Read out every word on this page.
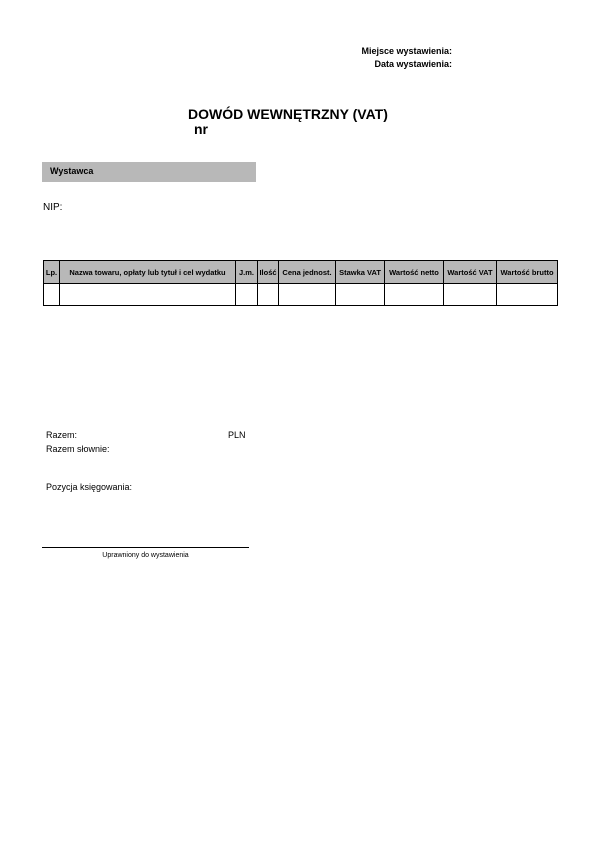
Miejsce wystawienia:
Data wystawienia:
DOWÓD WEWNĘTRZNY (VAT)
nr
Wystawca
NIP:
Lp.	Nazwa towaru, opłaty lub tytuł i cel wydatku	J.m.	Ilość	Cena jednost.	Stawka VAT	Wartość netto	Wartość VAT	Wartość brutto

Razem:	PLN
Razem słownie:
Pozycja księgowania:
Uprawniony do wystawienia
